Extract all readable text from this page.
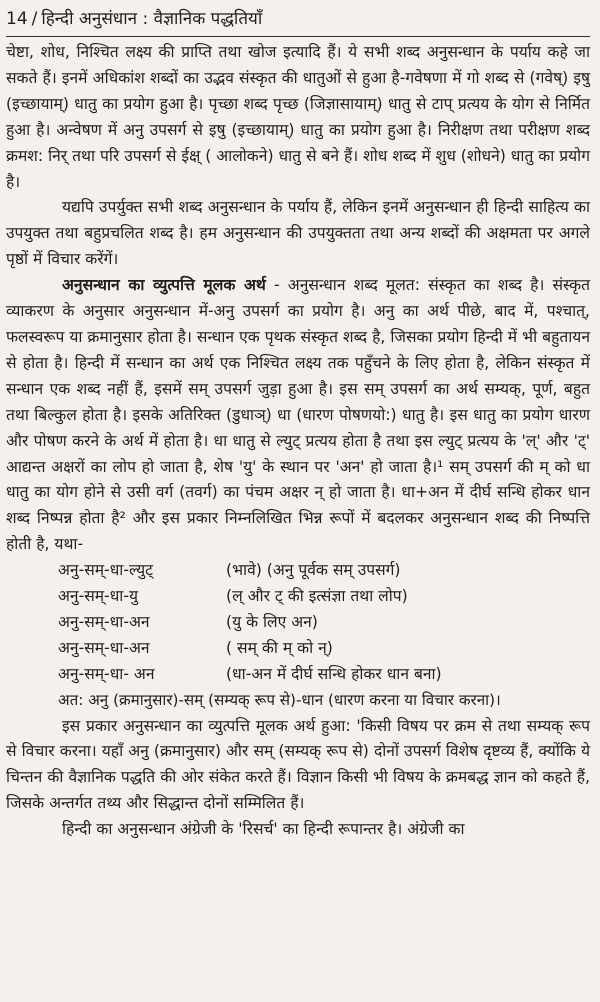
14 / हिन्दी अनुसंधान : वैज्ञानिक पद्धतियाँ

चेष्टा, शोध, निश्चित लक्ष्य की प्राप्ति तथा खोज इत्यादि हैं। ये सभी शब्द अनुसन्धान के पर्याय कहे जा सकते हैं। इनमें अधिकांश शब्दों का उद्भव संस्कृत की धातुओं से हुआ है-गवेषणा में गो शब्द से (गवेष्) इषु (इच्छायाम्) धातु का प्रयोग हुआ है। पृच्छा शब्द पृच्छ (जिज्ञासायाम्) धातु से टाप् प्रत्यय के योग से निर्मित हुआ है। अन्वेषण में अनु उपसर्ग से इषु (इच्छायाम्) धातु का प्रयोग हुआ है। निरीक्षण तथा परीक्षण शब्द क्रमश: निर् तथा परि उपसर्ग से ईक्ष् ( आलोकने) धातु से बने हैं। शोध शब्द में शुध (शोधने) धातु का प्रयोग है।

यद्यपि उपर्युक्त सभी शब्द अनुसन्धान के पर्याय हैं, लेकिन इनमें अनुसन्धान ही हिन्दी साहित्य का उपयुक्त तथा बहुप्रचलित शब्द है। हम अनुसन्धान की उपयुक्तता तथा अन्य शब्दों की अक्षमता पर अगले पृष्ठों में विचार करेंगें।

अनुसन्धान का व्युत्पत्ति मूलक अर्थ - अनुसन्धान शब्द मूलत: संस्कृत का शब्द है। संस्कृत व्याकरण के अनुसार अनुसन्धान में-अनु उपसर्ग का प्रयोग है। अनु का अर्थ पीछे, बाद में, पश्चात्, फलस्वरूप या क्रमानुसार होता है। सन्धान एक पृथक संस्कृत शब्द है, जिसका प्रयोग हिन्दी में भी बहुतायन से होता है। हिन्दी में सन्धान का अर्थ एक निश्चित लक्ष्य तक पहुँचने के लिए होता है, लेकिन संस्कृत में सन्धान एक शब्द नहीं हैं, इसमें सम् उपसर्ग जुड़ा हुआ है। इस सम् उपसर्ग का अर्थ सम्यक्, पूर्ण, बहुत तथा बिल्कुल होता है। इसके अतिरिक्त (डुधाञ्) धा (धारण पोषणयो:) धातु है। इस धातु का प्रयोग धारण और पोषण करने के अर्थ में होता है। धा धातु से ल्युट् प्रत्यय होता है तथा इस ल्युट् प्रत्यय के 'ल्' और 'ट्' आद्यन्त अक्षरों का लोप हो जाता है, शेष 'यु' के स्थान पर 'अन' हो जाता है।¹ सम् उपसर्ग की म् को धा धातु का योग होने से उसी वर्ग (तवर्ग) का पंचम अक्षर न् हो जाता है। धा+अन में दीर्घ सन्धि होकर धान शब्द निष्पन्न होता है² और इस प्रकार निम्नलिखित भिन्न रूपों में बदलकर अनुसन्धान शब्द की निष्पत्ति होती है, यथा-

अनु-सम्-धा-ल्युट्	(भावे) (अनु पूर्वक सम् उपसर्ग)
अनु-सम्-धा-यु	(ल् और ट् की इत्संज्ञा तथा लोप)
अनु-सम्-धा-अन	(यु के लिए अन)
अनु-सम्-धा-अन	( सम् की म् को न्)
अनु-सम्-धा- अन	(धा-अन में दीर्घ सन्धि होकर धान बना)

अत: अनु (क्रमानुसार)-सम् (सम्यक् रूप से)-धान (धारण करना या विचार करना)।

इस प्रकार अनुसन्धान का व्युत्पत्ति मूलक अर्थ हुआ: 'किसी विषय पर क्रम से तथा सम्यक् रूप से विचार करना। यहाँ अनु (क्रमानुसार) और सम् (सम्यक् रूप से) दोनों उपसर्ग विशेष दृष्टव्य हैं, क्योंकि ये चिन्तन की वैज्ञानिक पद्धति की ओर संकेत करते हैं। विज्ञान किसी भी विषय के क्रमबद्ध ज्ञान को कहते हैं, जिसके अन्तर्गत तथ्य और सिद्धान्त दोनों सम्मिलित हैं।

हिन्दी का अनुसन्धान अंग्रेजी के 'रिसर्च' का हिन्दी रूपान्तर है। अंग्रेजी का
